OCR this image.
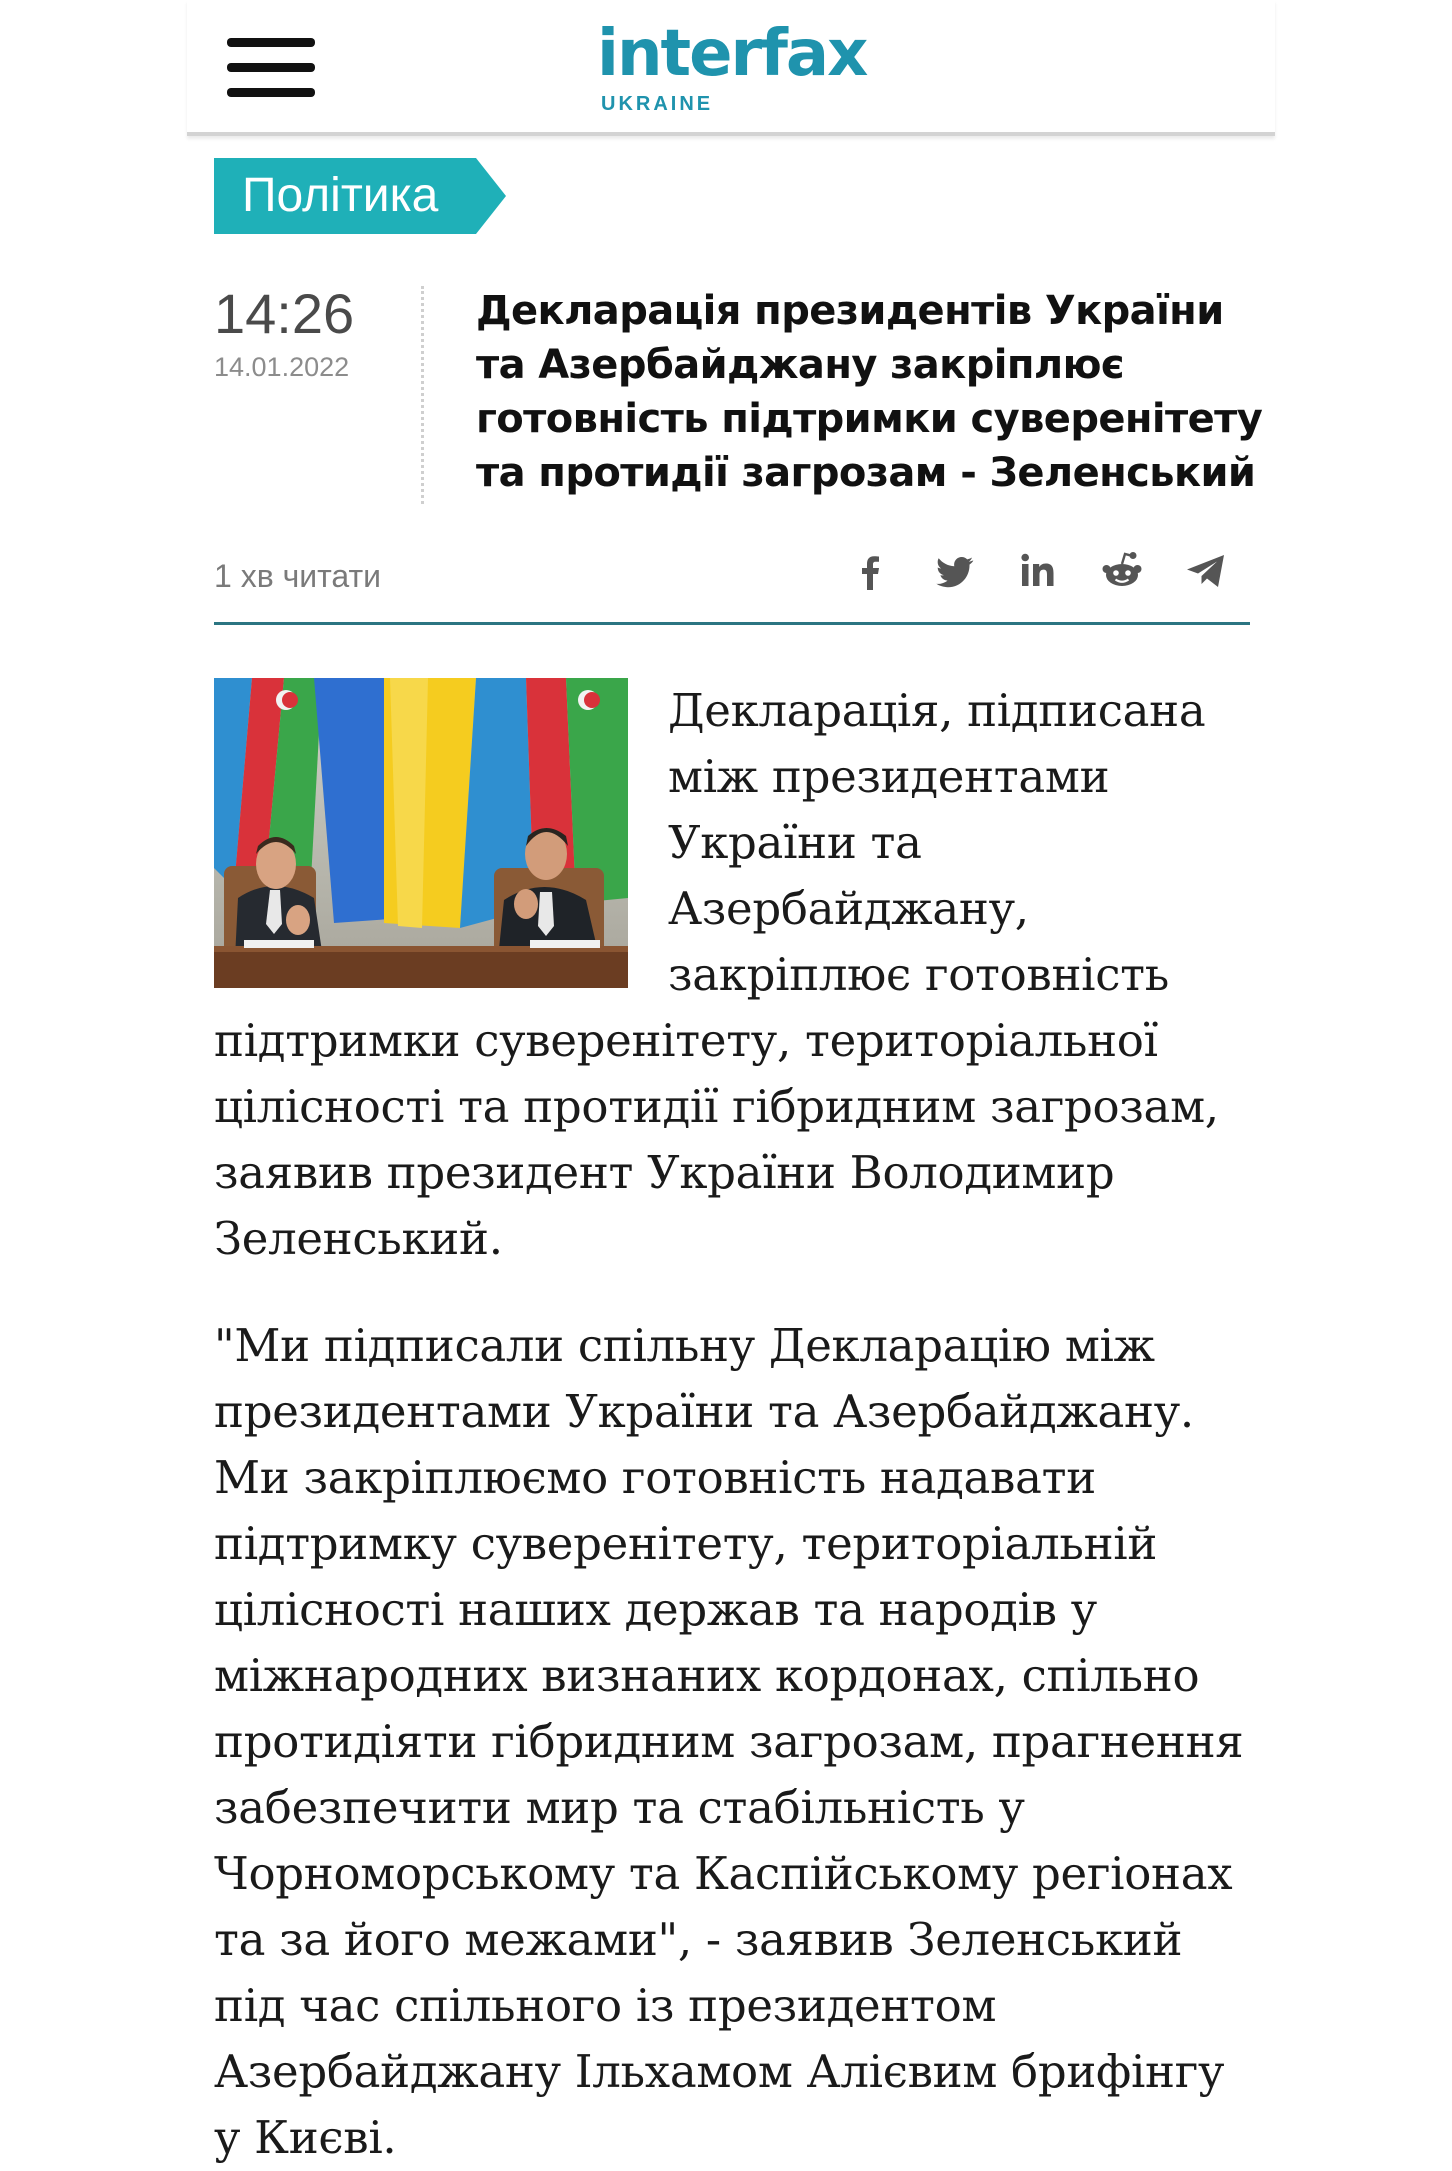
interfax
UKRAINE
Політика
14:26
14.01.2022
Декларація президентів України
та Азербайджану закріплює
готовність підтримки суверенітету
та протидії загрозам - Зеленський
1 хв читати

Декларація, підписана
між президентами
України та
Азербайджану,
закріплює готовність

підтримки суверенітету, територіальної
цілісності та протидії гібридним загрозам,
заявив президент України Володимир
Зеленський.

"Ми підписали спільну Декларацію між
президентами України та Азербайджану.
Ми закріплюємо готовність надавати
підтримку суверенітету, територіальній
цілісності наших держав та народів у
міжнародних визнаних кордонах, спільно
протидіяти гібридним загрозам, прагнення
забезпечити мир та стабільність у
Чорноморському та Каспійському регіонах
та за його межами", - заявив Зеленський
під час спільного із президентом
Азербайджану Ільхамом Алієвим брифінгу
у Києві.
